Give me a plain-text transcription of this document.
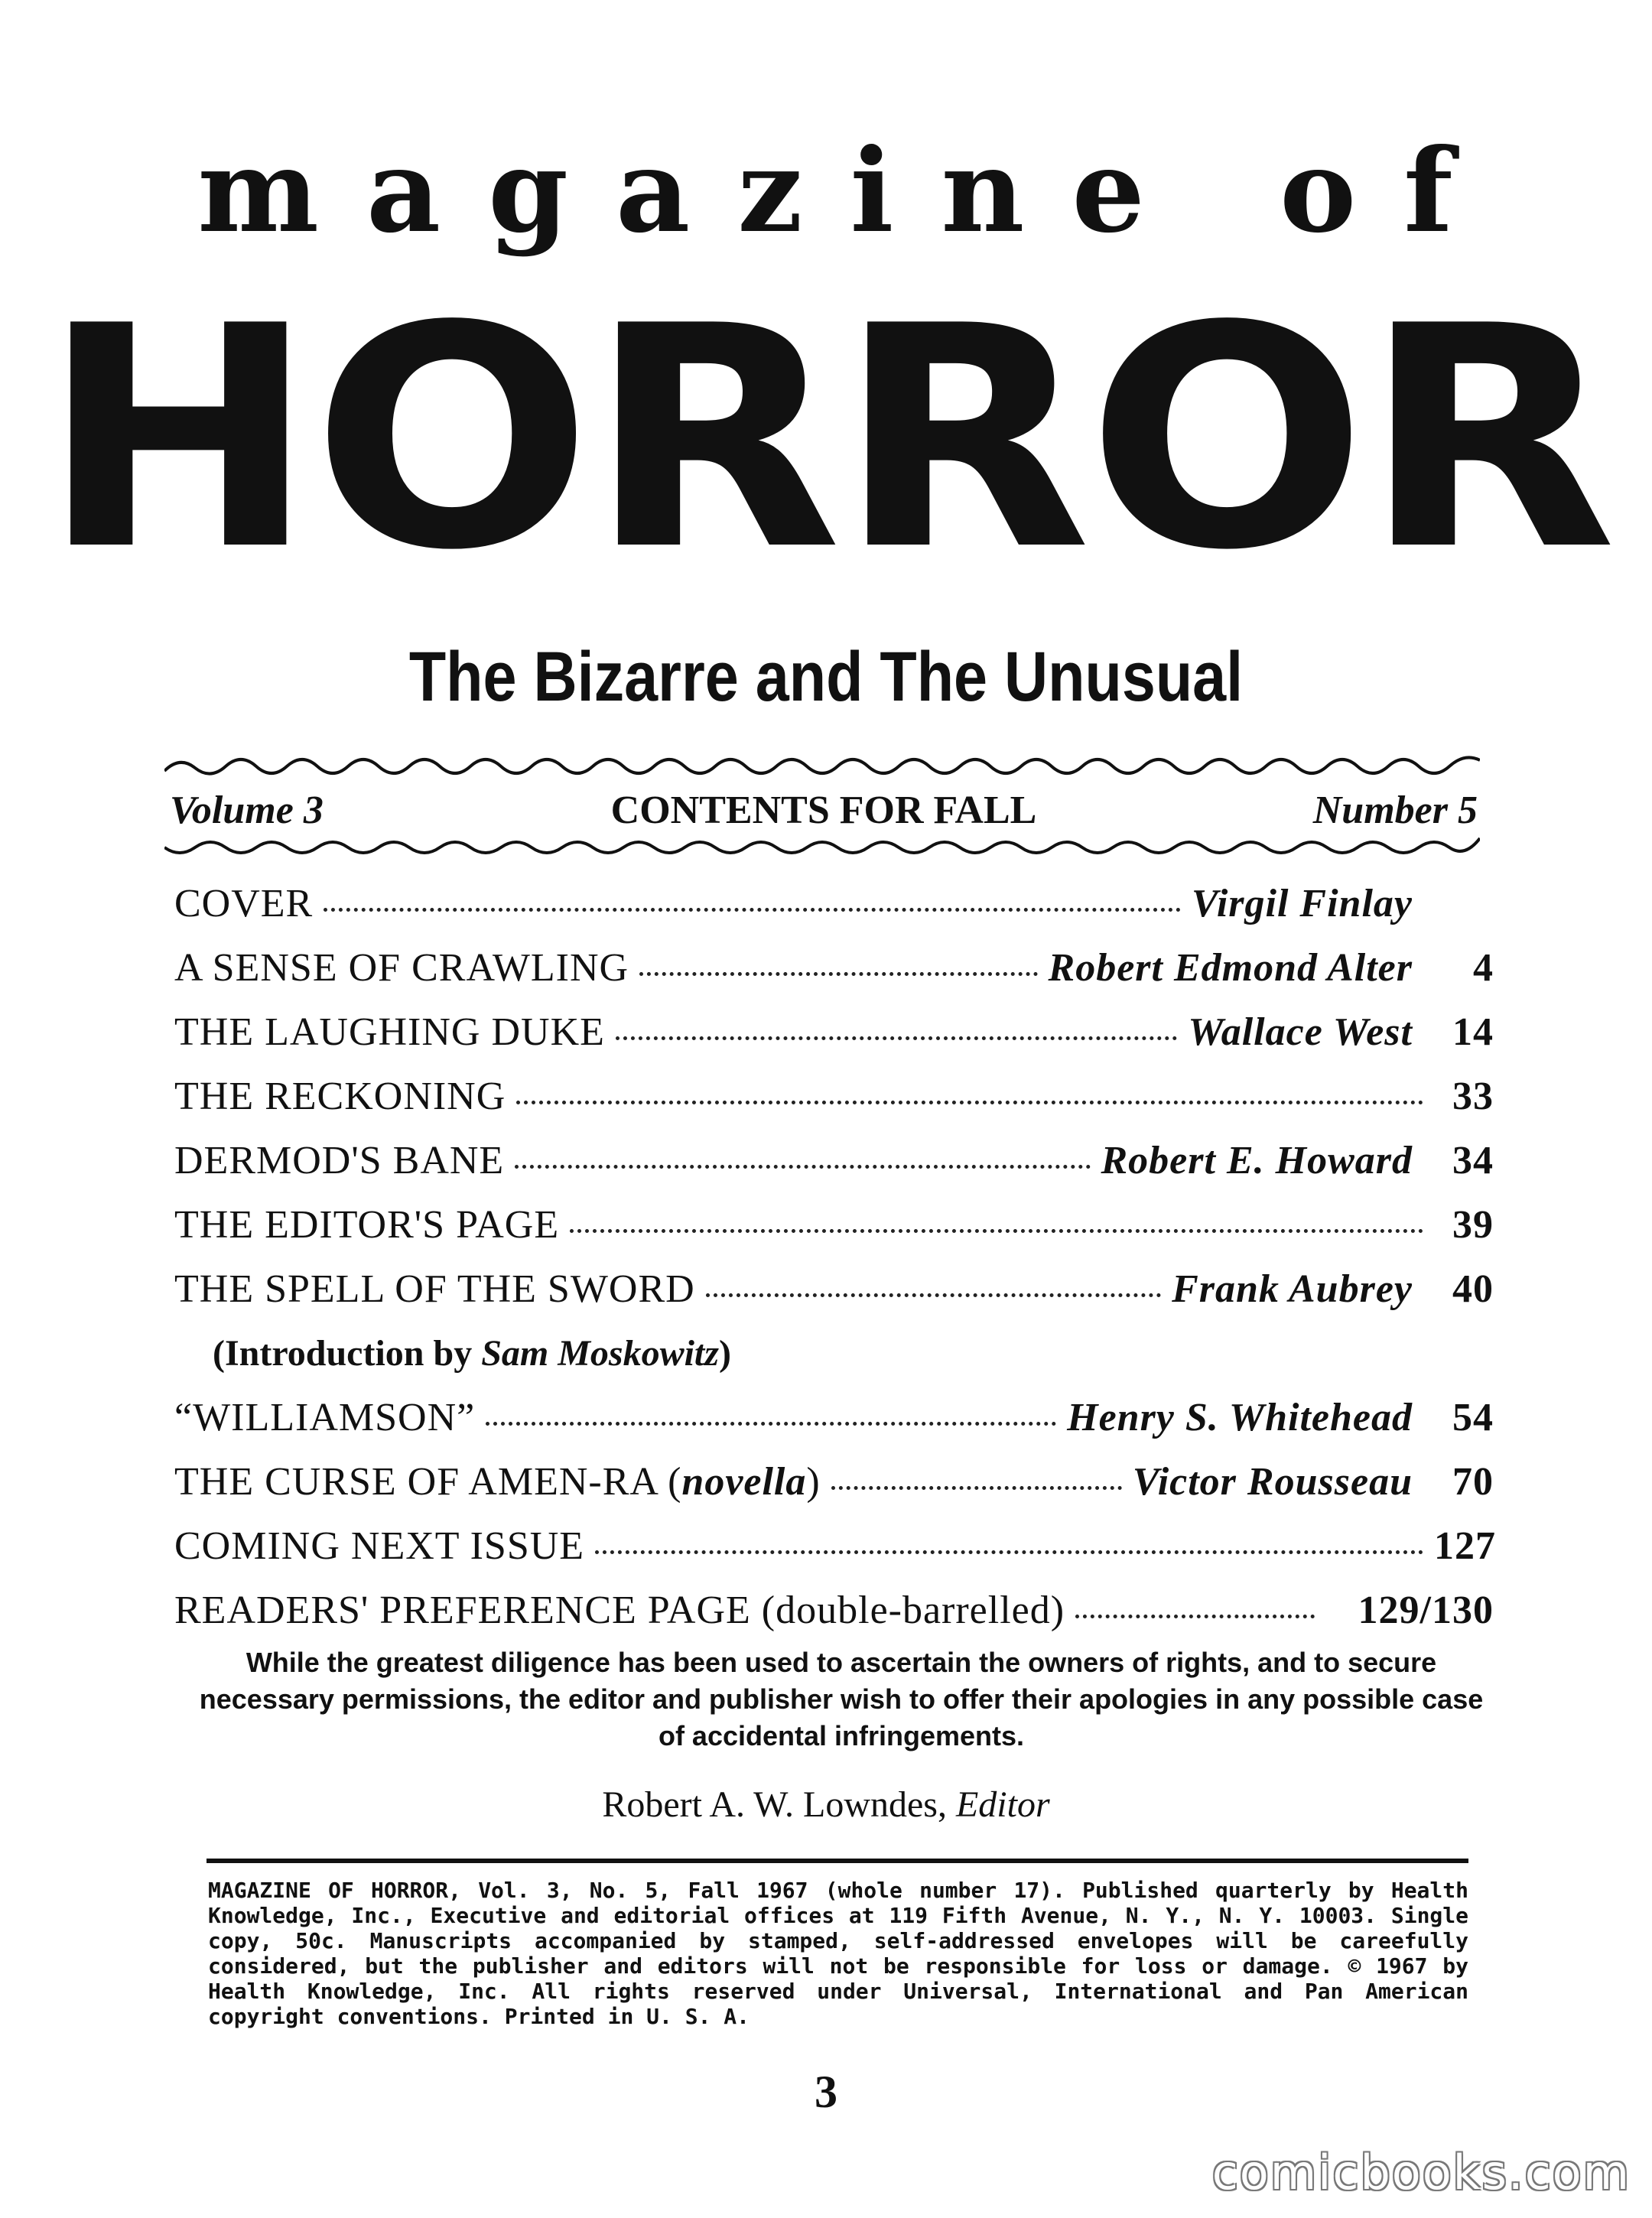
magazine of
HORROR
The Bizarre and The Unusual
Volume 3	CONTENTS FOR FALL	Number 5
COVER	Virgil Finlay
A SENSE OF CRAWLING	Robert Edmond Alter	4
THE LAUGHING DUKE	Wallace West	14
THE RECKONING	33
DERMOD'S BANE	Robert E. Howard	34
THE EDITOR'S PAGE	39
THE SPELL OF THE SWORD	Frank Aubrey	40
(Introduction by Sam Moskowitz)
“WILLIAMSON”	Henry S. Whitehead	54
THE CURSE OF AMEN-RA (novella)	Victor Rousseau	70
COMING NEXT ISSUE	127
READERS' PREFERENCE PAGE (double-barrelled)	129/130
While the greatest diligence has been used to ascertain the owners of rights, and to secure necessary permissions, the editor and publisher wish to offer their apologies in any possible case of accidental infringements.
Robert A. W. Lowndes, Editor
MAGAZINE OF HORROR, Vol. 3, No. 5, Fall 1967 (whole number 17). Published quarterly by Health Knowledge, Inc., Executive and editorial offices at 119 Fifth Avenue, N. Y., N. Y. 10003. Single copy, 50c. Manuscripts accompanied by stamped, self-addressed envelopes will be careefully considered, but the publisher and editors will not be responsible for loss or damage. © 1967 by Health Knowledge, Inc. All rights reserved under Universal, International and Pan American copyright conventions. Printed in U. S. A.
3
comicbooks.com
